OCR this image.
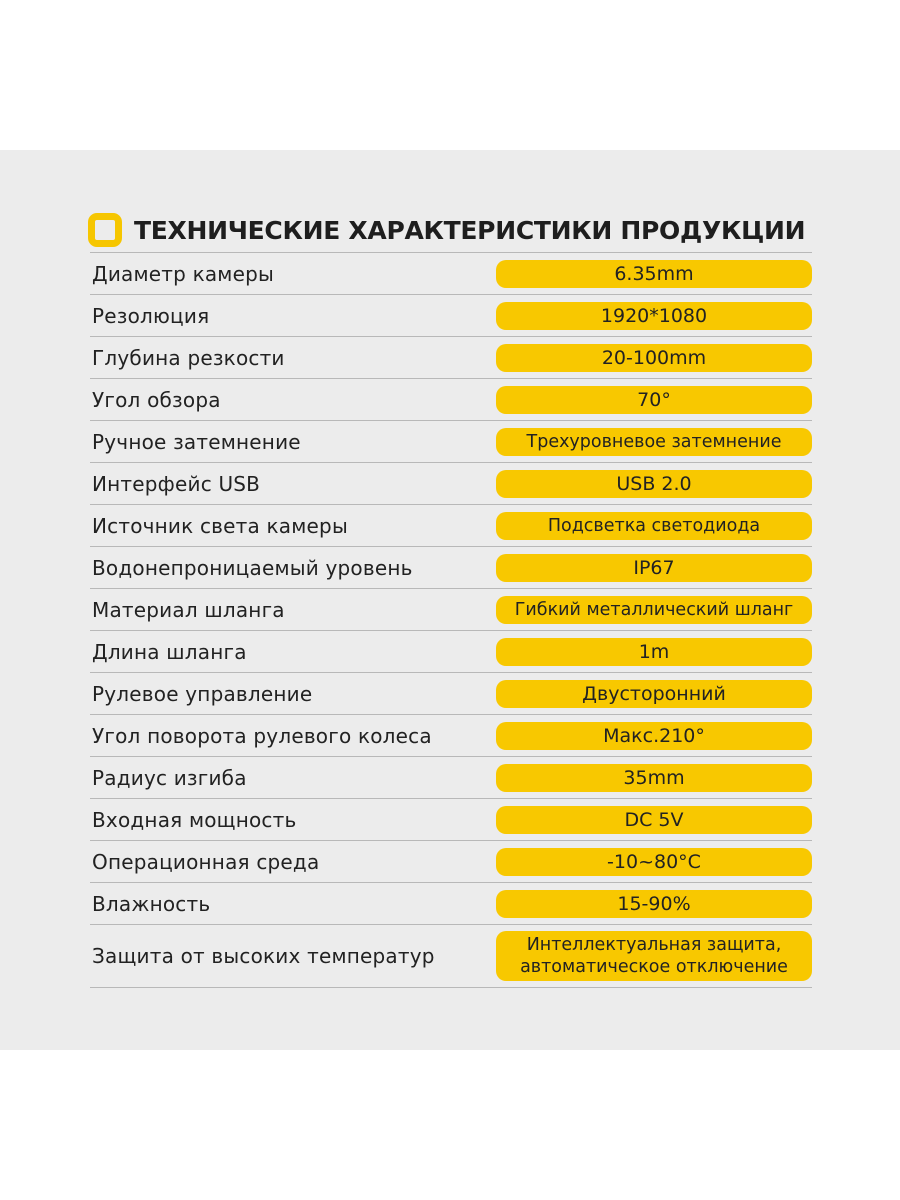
ТЕХНИЧЕСКИЕ ХАРАКТЕРИСТИКИ ПРОДУКЦИИ
Диаметр камеры	6.35mm
Резолюция	1920*1080
Глубина резкости	20-100mm
Угол обзора	70°
Ручное затемнение	Трехуровневое затемнение
Интерфейс USB	USB 2.0
Источник света камеры	Подсветка светодиода
Водонепроницаемый уровень	IP67
Материал шланга	Гибкий металлический шланг
Длина шланга	1m
Рулевое управление	Двусторонний
Угол поворота рулевого колеса	Макс.210°
Радиус изгиба	35mm
Входная мощность	DC 5V
Операционная среда	-10~80°C
Влажность	15-90%
Защита от высоких температур	Интеллектуальная защита,
автоматическое отключение
